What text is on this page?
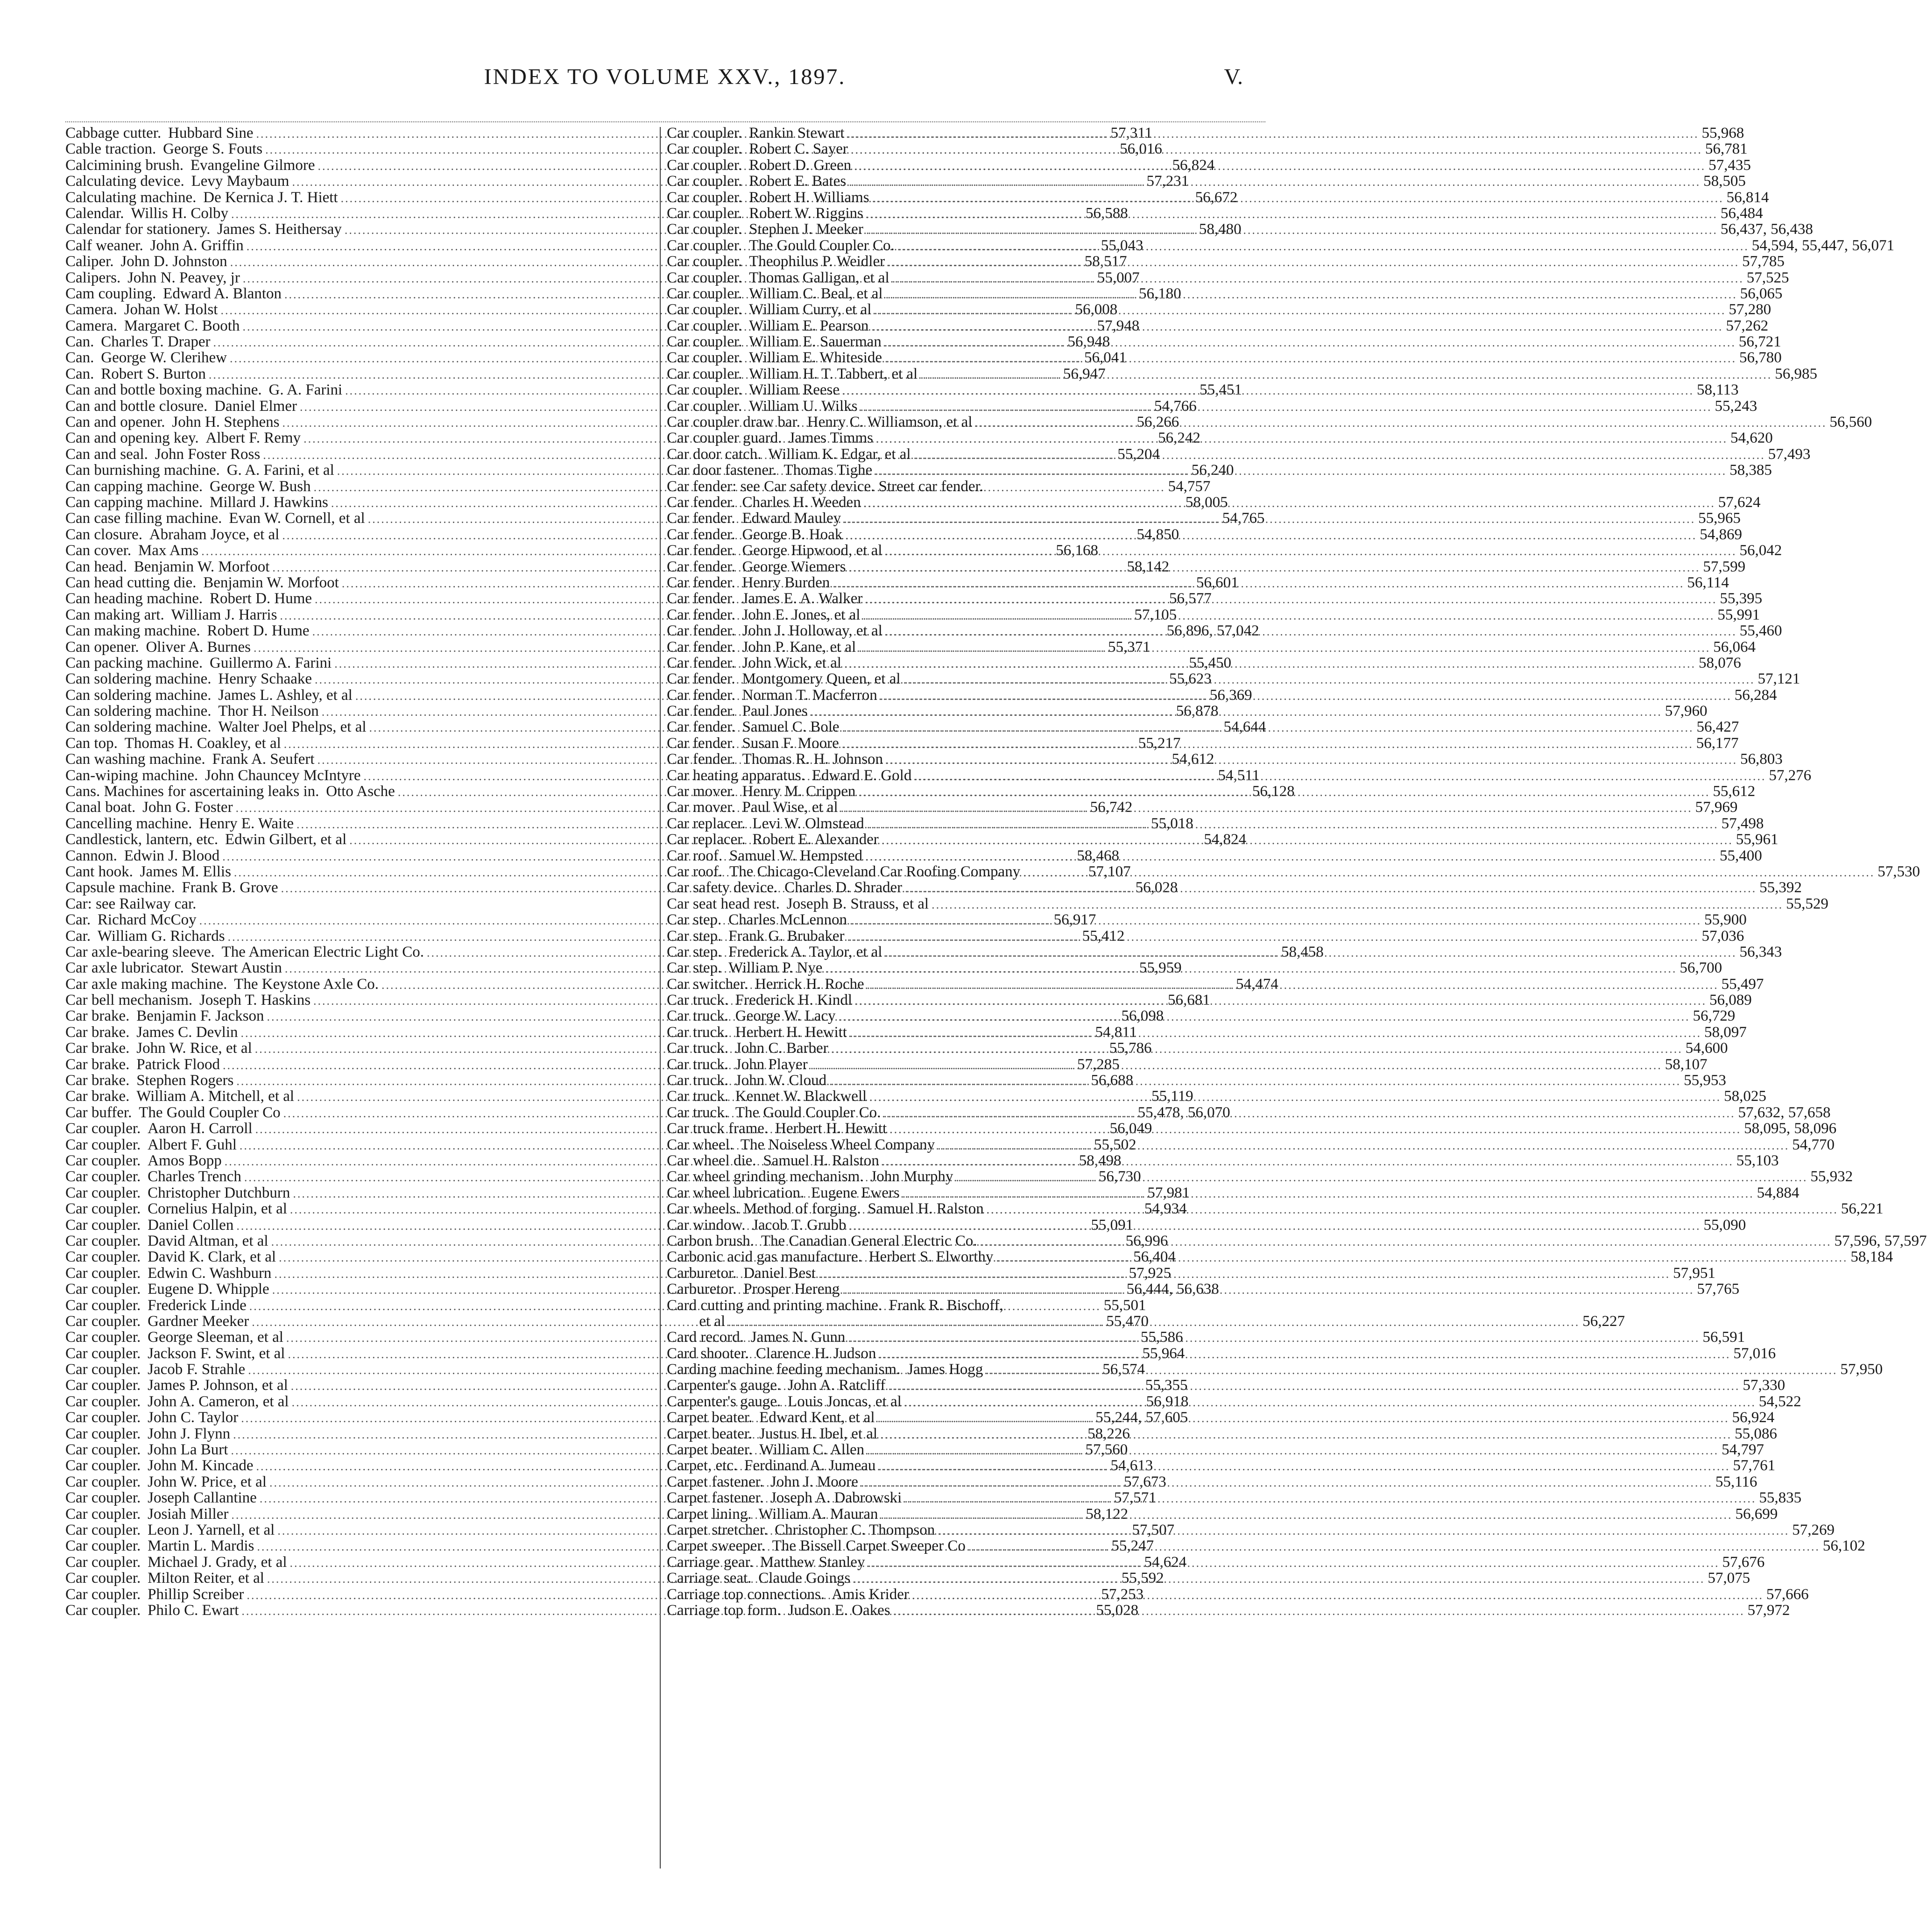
INDEX TO VOLUME XXV., 1897.	V.
Cabbage cutter. Hubbard Sine .....	57,311
Cable traction. George S. Fouts .....	56,016
Calcimining brush. Evangeline Gilmore .....	56,824
Calculating device. Levy Maybaum .....	57,231
Calculating machine. De Kernica J. T. Hiett .....	56,672
Calendar. Willis H. Colby .....	56,588
Calendar for stationery. James S. Heithersay .....	58,480
Calf weaner. John A. Griffin .....	55,043
Caliper. John D. Johnston .....	58,517
Calipers. John N. Peavey, jr .....	55,007
Cam coupling. Edward A. Blanton .....	56,180
Camera. Johan W. Holst .....	56,008
Camera. Margaret C. Booth .....	57,948
Can. Charles T. Draper .....	56,948
Can. George W. Clerihew .....	56,041
Can. Robert S. Burton .....	56,947
Can and bottle boxing machine. G. A. Farini .....	55,451
Can and bottle closure. Daniel Elmer .....	54,766
Can and opener. John H. Stephens .....	56,266
Can and opening key. Albert F. Remy .....	56,242
Can and seal. John Foster Ross .....	55,204
Can burnishing machine. G. A. Farini, et al .....	56,240
Can capping machine. George W. Bush .....	54,757
Can capping machine. Millard J. Hawkins .....	58,005
Can case filling machine. Evan W. Cornell, et al .....	54,765
Can closure. Abraham Joyce, et al .....	54,850
Can cover. Max Ams .....	56,168
Can head. Benjamin W. Morfoot .....	58,142
Can head cutting die. Benjamin W. Morfoot .....	56,601
Can heading machine. Robert D. Hume .....	56,577
Can making art. William J. Harris .....	57,105
Can making machine. Robert D. Hume .....	56,896, 57,042
Can opener. Oliver A. Burnes .....	55,371
Can packing machine. Guillermo A. Farini .....	55,450
Can soldering machine. Henry Schaake .....	55,623
Can soldering machine. James L. Ashley, et al .....	56,369
Can soldering machine. Thor H. Neilson .....	56,878
Can soldering machine. Walter Joel Phelps, et al .....	54,644
Can top. Thomas H. Coakley, et al .....	55,217
Can washing machine. Frank A. Seufert .....	54,612
Can-wiping machine. John Chauncey McIntyre .....	54,511
Cans. Machines for ascertaining leaks in. Otto Asche .....	56,128
Canal boat. John G. Foster .....	56,742
Cancelling machine. Henry E. Waite .....	55,018
Candlestick, lantern, etc. Edwin Gilbert, et al .....	54,824
Cannon. Edwin J. Blood .....	58,468
Cant hook. James M. Ellis .....	57,107
Capsule machine. Frank B. Grove .....	56,028
Car: see Railway car.
Car. Richard McCoy .....	56,917
Car. William G. Richards .....	55,412
Car axle-bearing sleeve. The American Electric Light Co. .....	58,458
Car axle lubricator. Stewart Austin .....	55,959
Car axle making machine. The Keystone Axle Co. .....	54,474
Car bell mechanism. Joseph T. Haskins .....	56,681
Car brake. Benjamin F. Jackson .....	56,098
Car brake. James C. Devlin .....	54,811
Car brake. John W. Rice, et al .....	55,786
Car brake. Patrick Flood .....	57,285
Car brake. Stephen Rogers .....	56,688
Car brake. William A. Mitchell, et al .....	55,119
Car buffer. The Gould Coupler Co .....	55,478, 56,070
Car coupler. Aaron H. Carroll .....	56,049
Car coupler. Albert F. Guhl .....	55,502
Car coupler. Amos Bopp .....	58,498
Car coupler. Charles Trench .....	56,730
Car coupler. Christopher Dutchburn .....	57,981
Car coupler. Cornelius Halpin, et al .....	54,934
Car coupler. Daniel Collen .....	55,091
Car coupler. David Altman, et al .....	56,996
Car coupler. David K. Clark, et al .....	56,404
Car coupler. Edwin C. Washburn .....	57,925
Car coupler. Eugene D. Whipple .....	56,444, 56,638
Car coupler. Frederick Linde .....	55,501
Car coupler. Gardner Meeker .....	55,470
Car coupler. George Sleeman, et al .....	55,586
Car coupler. Jackson F. Swint, et al .....	55,964
Car coupler. Jacob F. Strahle .....	56,574
Car coupler. James P. Johnson, et al .....	55,355
Car coupler. John A. Cameron, et al .....	56,918
Car coupler. John C. Taylor .....	55,244, 57,605
Car coupler. John J. Flynn .....	58,226
Car coupler. John La Burt .....	57,560
Car coupler. John M. Kincade .....	54,613
Car coupler. John W. Price, et al .....	57,673
Car coupler. Joseph Callantine .....	57,571
Car coupler. Josiah Miller .....	58,122
Car coupler. Leon J. Yarnell, et al .....	57,507
Car coupler. Martin L. Mardis .....	55,247
Car coupler. Michael J. Grady, et al .....	54,624
Car coupler. Milton Reiter, et al .....	55,592
Car coupler. Phillip Screiber .....	57,253
Car coupler. Philo C. Ewart .....	55,028
Car coupler. Rankin Stewart .....	55,968
Car coupler. Robert C. Sayer .....	56,781
Car coupler. Robert D. Green .....	57,435
Car coupler. Robert E. Bates .....	58,505
Car coupler. Robert H. Williams .....	56,814
Car coupler. Robert W. Riggins .....	56,484
Car coupler. Stephen J. Meeker .....	56,437, 56,438
Car coupler. The Gould Coupler Co. .....	54,594, 55,447, 56,071
Car coupler. Theophilus P. Weidler .....	57,785
Car coupler. Thomas Galligan, et al .....	57,525
Car coupler. William C. Beal, et al .....	56,065
Car coupler. William Curry, et al .....	57,280
Car coupler. William E. Pearson .....	57,262
Car coupler. William E. Sauerman .....	56,721
Car coupler. William E. Whiteside .....	56,780
Car coupler. William H. T. Tabbert, et al .....	56,985
Car coupler. William Reese .....	58,113
Car coupler. William U. Wilks .....	55,243
Car coupler draw bar. Henry C. Williamson, et al .....	56,560
Car coupler guard. James Timms .....	54,620
Car door catch. William K. Edgar, et al .....	57,493
Car door fastener. Thomas Tighe .....	58,385
Car fender: see Car safety device. Street car fender.
Car fender. Charles H. Weeden .....	57,624
Car fender. Edward Mauley .....	55,965
Car fender. George B. Hoak .....	54,869
Car fender. George Hipwood, et al .....	56,042
Car fender. George Wiemers .....	57,599
Car fender. Henry Burden .....	56,114
Car fender. James E. A. Walker .....	55,395
Car fender. John E. Jones, et al .....	55,991
Car fender. John J. Holloway, et al .....	55,460
Car fender. John P. Kane, et al .....	56,064
Car fender. John Wick, et al .....	58,076
Car fender. Montgomery Queen, et al .....	57,121
Car fender. Norman T. Macferron .....	56,284
Car fender. Paul Jones .....	57,960
Car fender. Samuel C. Bole .....	56,427
Car fender. Susan F. Moore .....	56,177
Car fender. Thomas R. H. Johnson .....	56,803
Car heating apparatus. Edward E. Gold .....	57,276
Car mover. Henry M. Crippen .....	55,612
Car mover. Paul Wise, et al .....	57,969
Car replacer. Levi W. Olmstead .....	57,498
Car replacer. Robert E. Alexander .....	55,961
Car roof. Samuel W. Hempsted .....	55,400
Car roof. The Chicago-Cleveland Car Roofing Company .....	57,530
Car safety device. Charles D. Shrader .....	55,392
Car seat head rest. Joseph B. Strauss, et al .....	55,529
Car step. Charles McLennon .....	55,900
Car step. Frank G. Brubaker .....	57,036
Car step. Frederick A. Taylor, et al .....	56,343
Car step. William P. Nye .....	56,700
Car switcher. Herrick H. Roche .....	55,497
Car truck. Frederick H. Kindl .....	56,089
Car truck. George W. Lacy .....	56,729
Car truck. Herbert H. Hewitt .....	58,097
Car truck. John C. Barber .....	54,600
Car truck. John Player .....	58,107
Car truck. John W. Cloud .....	55,953
Car truck. Kennet W. Blackwell .....	58,025
Car truck. The Gould Coupler Co. .....	57,632, 57,658
Car truck frame. Herbert H. Hewitt .....	58,095, 58,096
Car wheel. The Noiseless Wheel Company .....	54,770
Car wheel die. Samuel H. Ralston .....	55,103
Car wheel grinding mechanism. John Murphy .....	55,932
Car wheel lubrication. Eugene Ewers .....	54,884
Car wheels. Method of forging. Samuel H. Ralston .....	56,221
Car window. Jacob T. Grubb .....	55,090
Carbon brush. The Canadian General Electric Co. .....	57,596, 57,597
Carbonic acid gas manufacture. Herbert S. Elworthy .....	58,184
Carburetor. Daniel Best .....	57,951
Carburetor. Prosper Hereng .....	57,765
Card cutting and printing machine. Frank R. Bischoff,
et al .....	56,227
Card record. James N. Gunn .....	56,591
Card shooter. Clarence H. Judson .....	57,016
Carding machine feeding mechanism. James Hogg .....	57,950
Carpenter's gauge. John A. Ratcliff .....	57,330
Carpenter's gauge. Louis Joncas, et al .....	54,522
Carpet beater. Edward Kent, et al .....	56,924
Carpet beater. Justus H. Ibel, et al .....	55,086
Carpet beater. William C. Allen .....	54,797
Carpet, etc. Ferdinand A. Jumeau .....	57,761
Carpet fastener. John J. Moore .....	55,116
Carpet fastener. Joseph A. Dabrowski .....	55,835
Carpet lining. William A. Mauran .....	56,699
Carpet stretcher. Christopher C. Thompson .....	57,269
Carpet sweeper. The Bissell Carpet Sweeper Co .....	56,102
Carriage gear. Matthew Stanley .....	57,676
Carriage seat. Claude Goings .....	57,075
Carriage top connections. Amis Krider .....	57,666
Carriage top form. Judson E. Oakes .....	57,972
